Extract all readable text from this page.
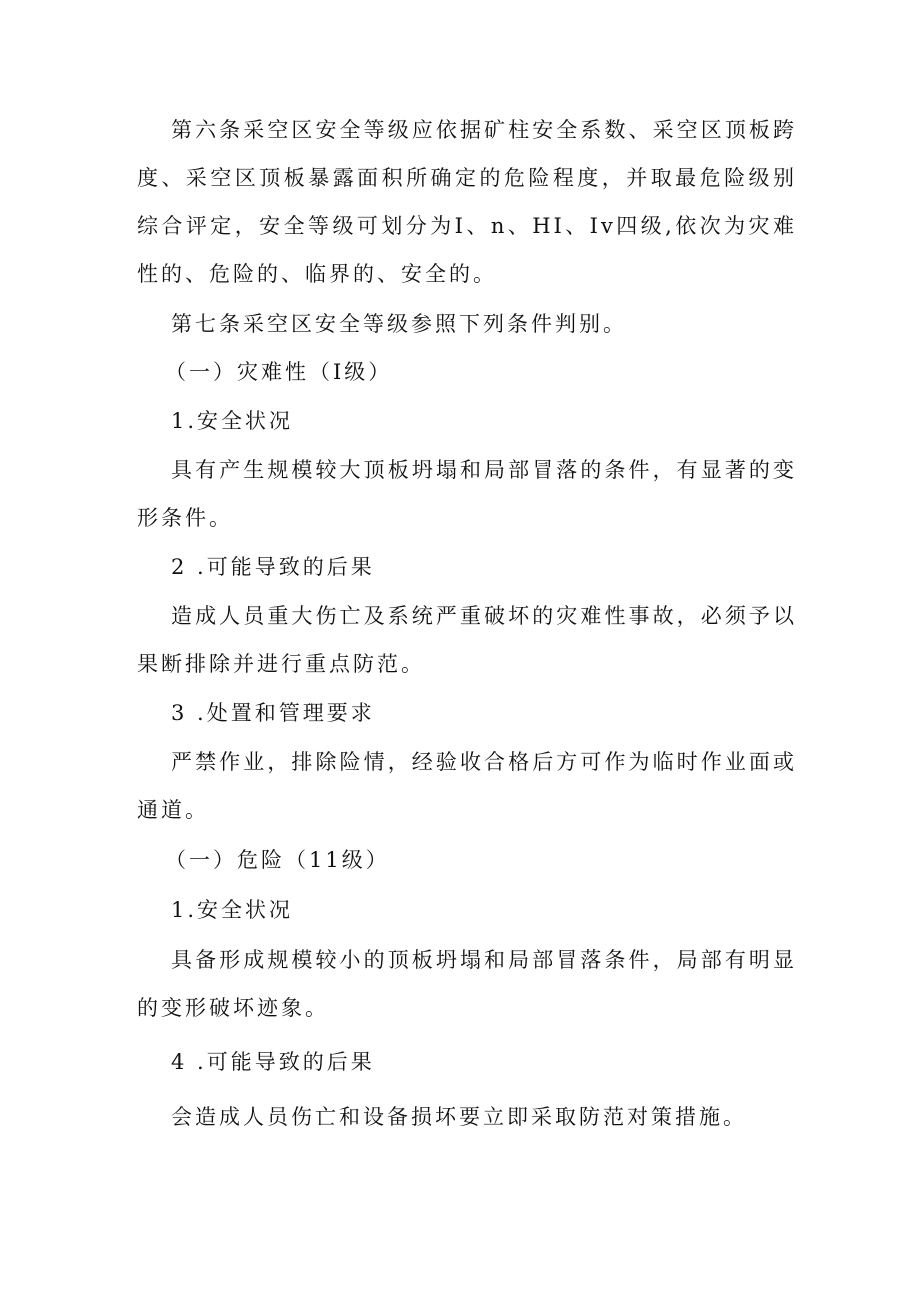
第六条采空区安全等级应依据矿柱安全系数、采空区顶板跨度、采空区顶板暴露面积所确定的危险程度，并取最危险级别综合评定，安全等级可划分为Ⅰ、n、HI、Iv四级,依次为灾难性的、危险的、临界的、安全的。

第七条采空区安全等级参照下列条件判别。

（一）灾难性（Ⅰ级）

1.安全状况

具有产生规模较大顶板坍塌和局部冒落的条件，有显著的变形条件。

2 .可能导致的后果

造成人员重大伤亡及系统严重破坏的灾难性事故，必须予以果断排除并进行重点防范。

3 .处置和管理要求

严禁作业，排除险情，经验收合格后方可作为临时作业面或通道。

（一）危险（11级）

1.安全状况

具备形成规模较小的顶板坍塌和局部冒落条件，局部有明显的变形破坏迹象。

4 .可能导致的后果

会造成人员伤亡和设备损坏要立即采取防范对策措施。
